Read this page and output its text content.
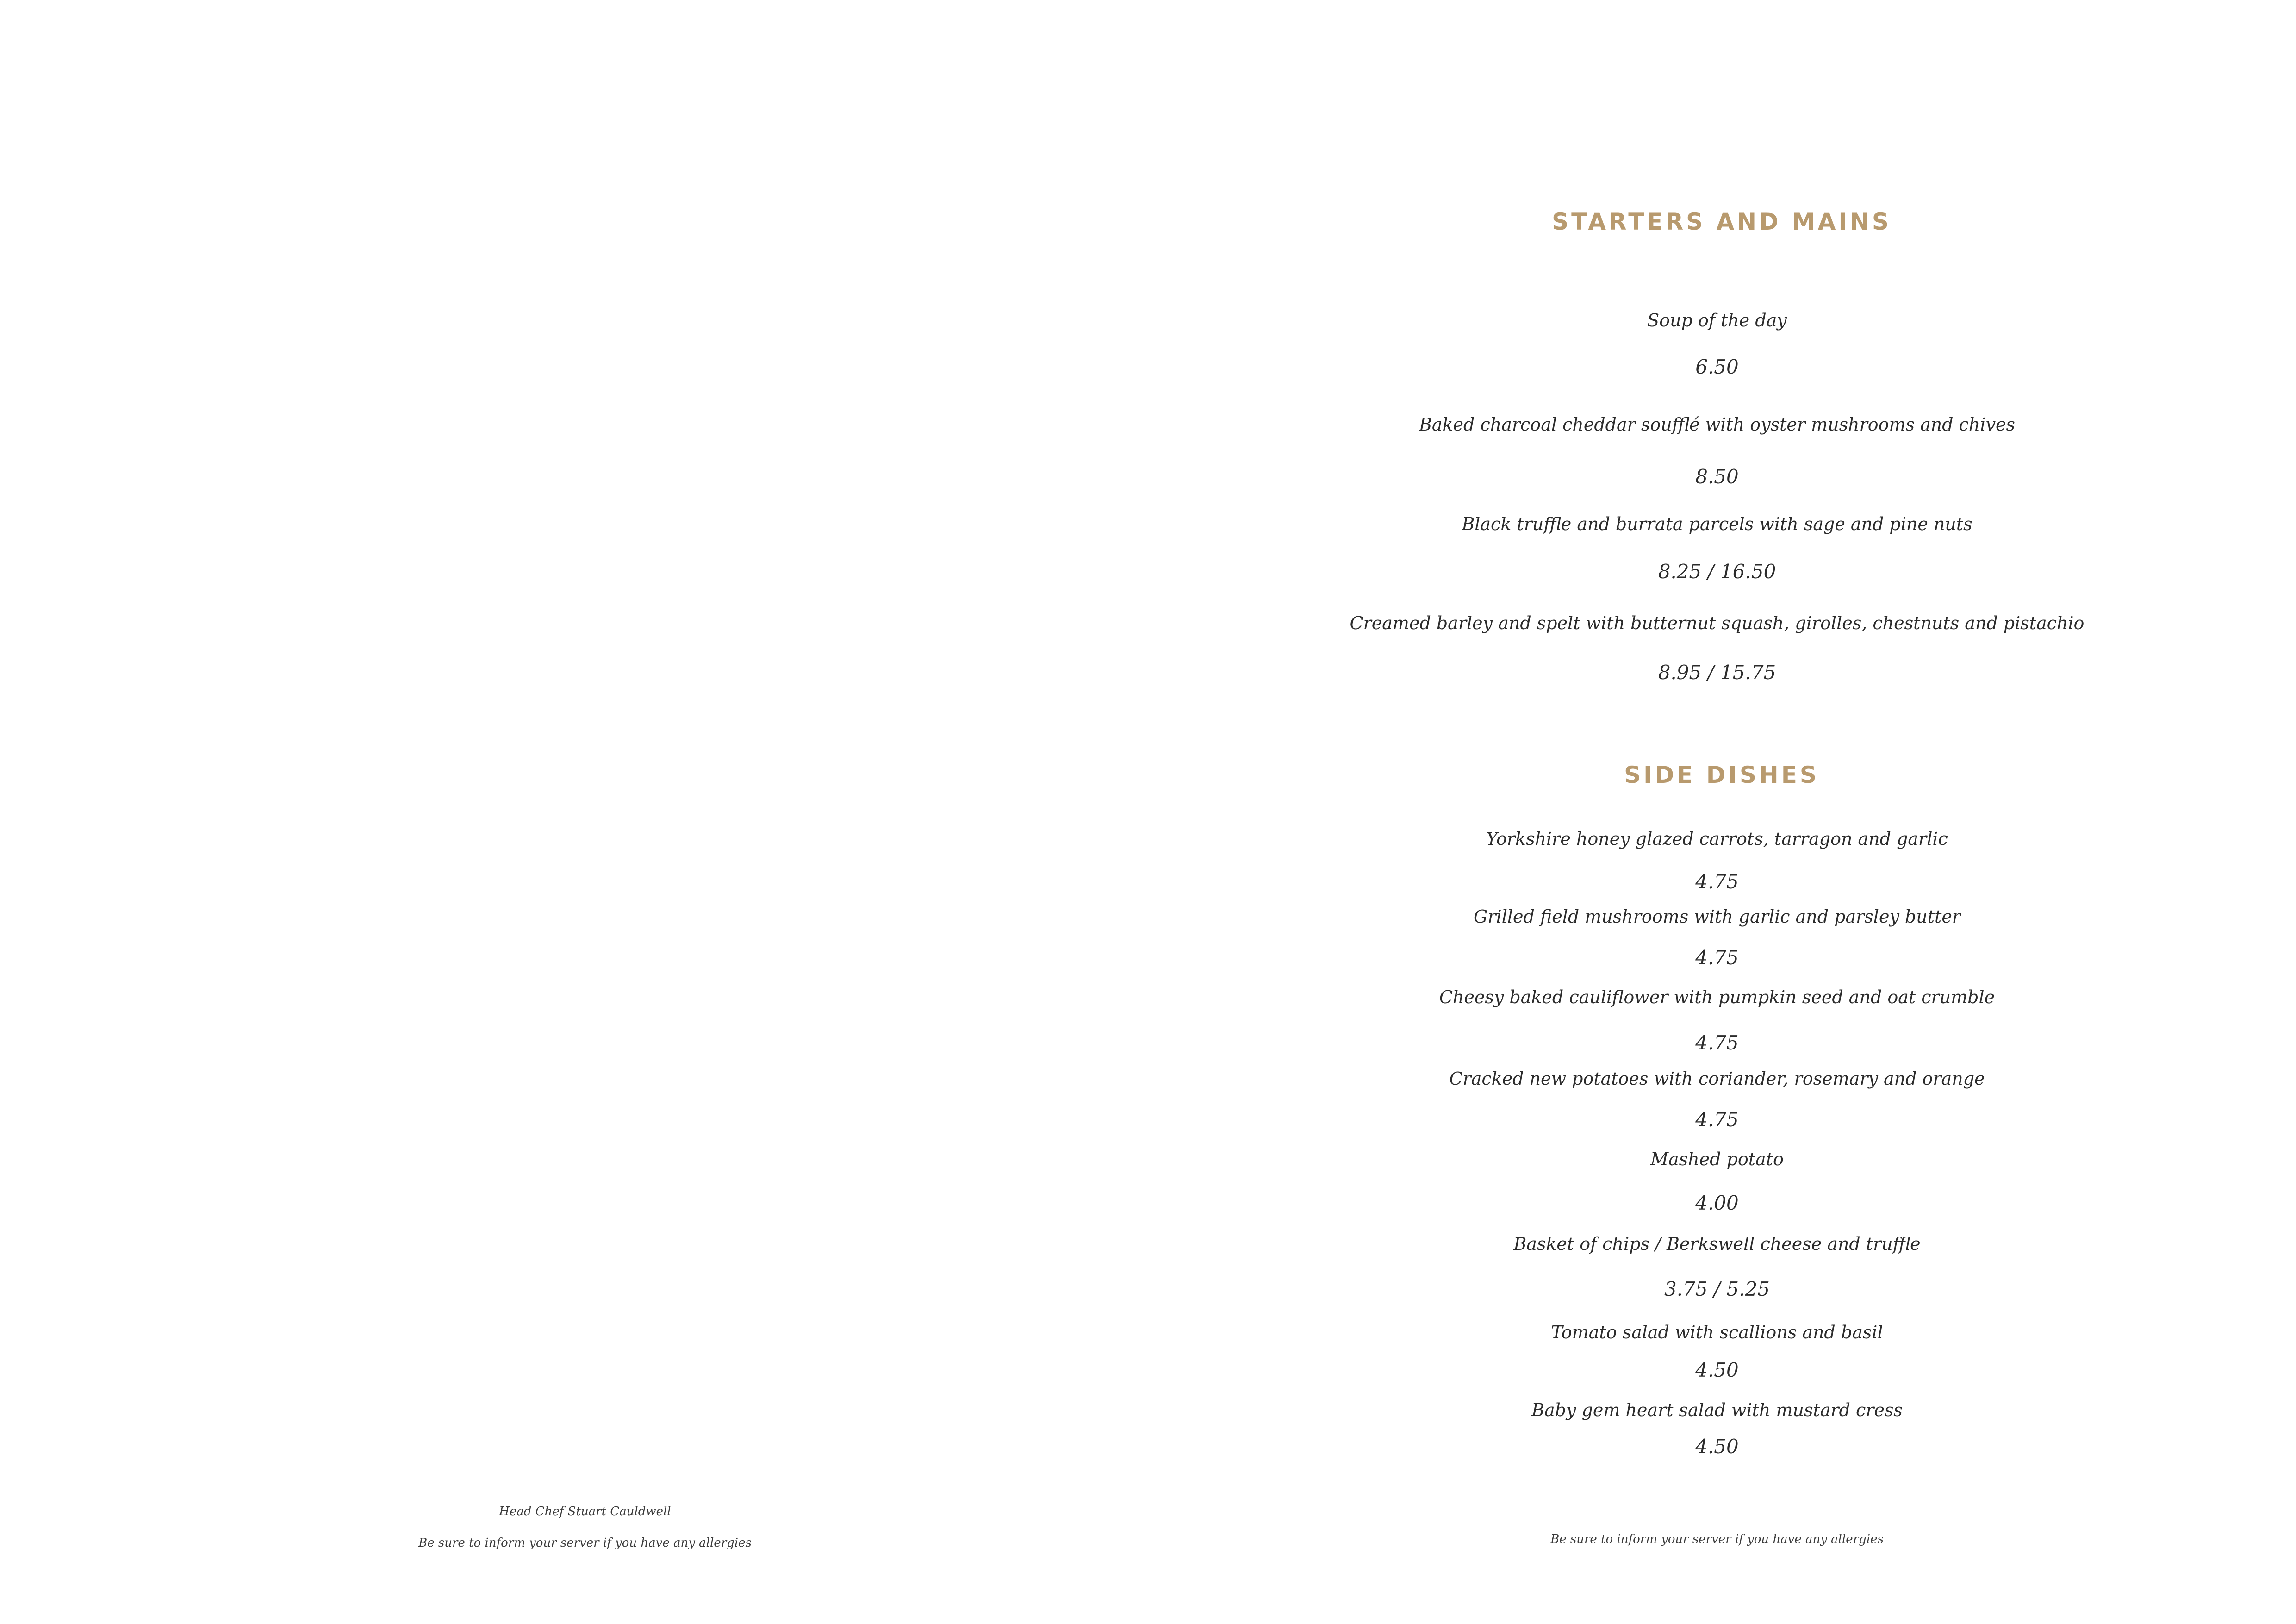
Head Chef Stuart Cauldwell
Be sure to inform your server if you have any allergies
STARTERS AND MAINS
Soup of the day
6.50
Baked charcoal cheddar soufflé with oyster mushrooms and chives
8.50
Black truffle and burrata parcels with sage and pine nuts
8.25 / 16.50
Creamed barley and spelt with butternut squash, girolles, chestnuts and pistachio
8.95 / 15.75
SIDE DISHES
Yorkshire honey glazed carrots, tarragon and garlic
4.75
Grilled field mushrooms with garlic and parsley butter
4.75
Cheesy baked cauliflower with pumpkin seed and oat crumble
4.75
Cracked new potatoes with coriander, rosemary and orange
4.75
Mashed potato
4.00
Basket of chips / Berkswell cheese and truffle
3.75 / 5.25
Tomato salad with scallions and basil
4.50
Baby gem heart salad with mustard cress
4.50
Be sure to inform your server if you have any allergies
